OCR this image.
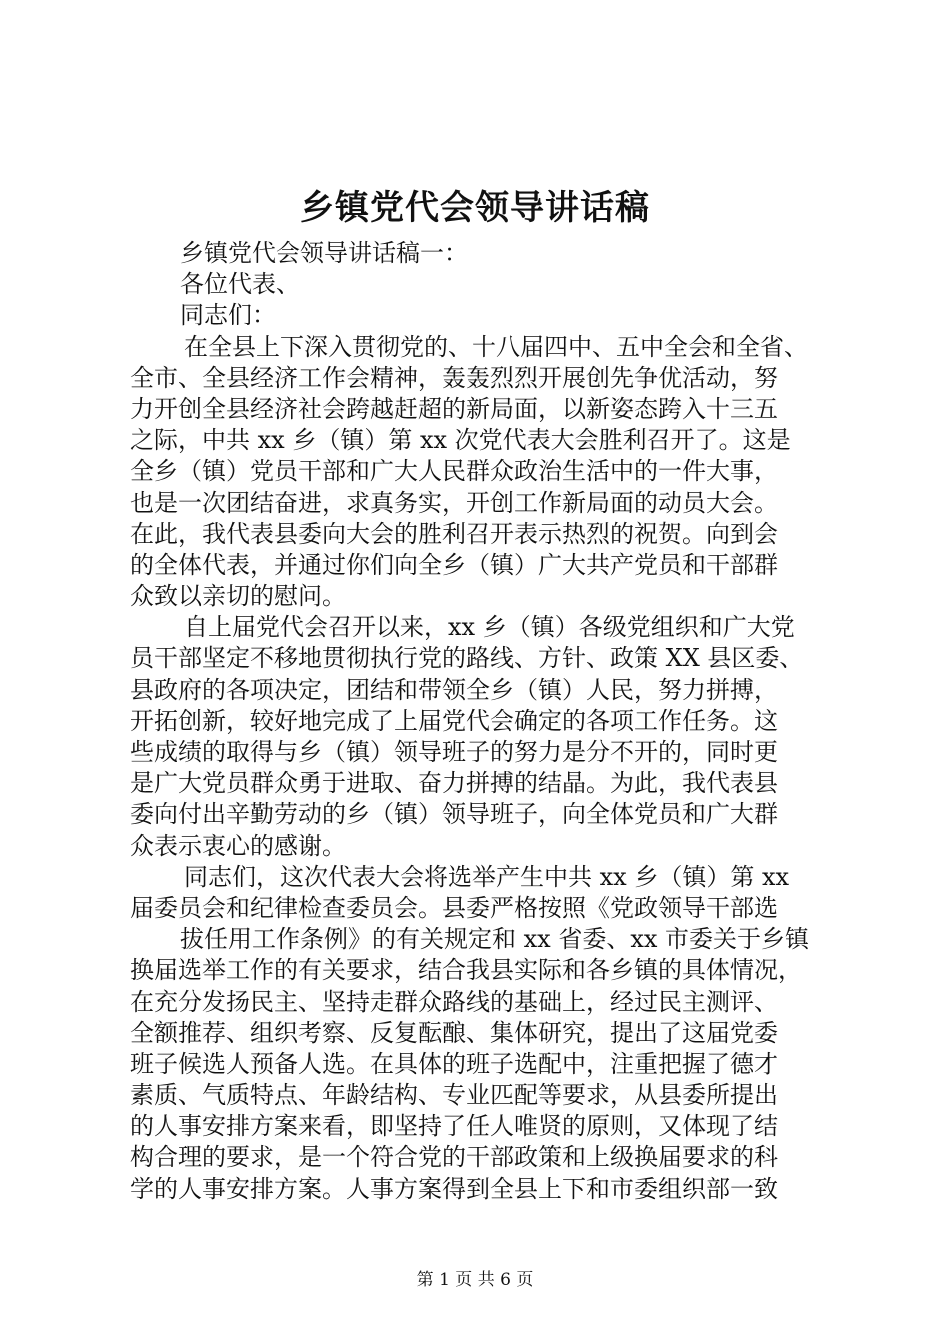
乡镇党代会领导讲话稿
乡镇党代会领导讲话稿一：
各位代表、
同志们：
在全县上下深入贯彻党的、十八届四中、五中全会和全省、
全市、全县经济工作会精神，轰轰烈烈开展创先争优活动，努
力开创全县经济社会跨越赶超的新局面，以新姿态跨入十三五
之际，中共 xx 乡（镇）第 xx 次党代表大会胜利召开了。这是
全乡（镇）党员干部和广大人民群众政治生活中的一件大事，
也是一次团结奋进，求真务实，开创工作新局面的动员大会。
在此，我代表县委向大会的胜利召开表示热烈的祝贺。向到会
的全体代表，并通过你们向全乡（镇）广大共产党员和干部群
众致以亲切的慰问。
自上届党代会召开以来，xx 乡（镇）各级党组织和广大党
员干部坚定不移地贯彻执行党的路线、方针、政策 XX 县区委、
县政府的各项决定，团结和带领全乡（镇）人民，努力拼搏，
开拓创新，较好地完成了上届党代会确定的各项工作任务。这
些成绩的取得与乡（镇）领导班子的努力是分不开的，同时更
是广大党员群众勇于进取、奋力拼搏的结晶。为此，我代表县
委向付出辛勤劳动的乡（镇）领导班子，向全体党员和广大群
众表示衷心的感谢。
同志们，这次代表大会将选举产生中共 xx 乡（镇）第 xx
届委员会和纪律检查委员会。县委严格按照《党政领导干部选
拔任用工作条例》的有关规定和 xx 省委、xx 市委关于乡镇
换届选举工作的有关要求，结合我县实际和各乡镇的具体情况，
在充分发扬民主、坚持走群众路线的基础上，经过民主测评、
全额推荐、组织考察、反复酝酿、集体研究，提出了这届党委
班子候选人预备人选。在具体的班子选配中，注重把握了德才
素质、气质特点、年龄结构、专业匹配等要求，从县委所提出
的人事安排方案来看，即坚持了任人唯贤的原则，又体现了结
构合理的要求，是一个符合党的干部政策和上级换届要求的科
学的人事安排方案。人事方案得到全县上下和市委组织部一致
第 1 页 共 6 页
